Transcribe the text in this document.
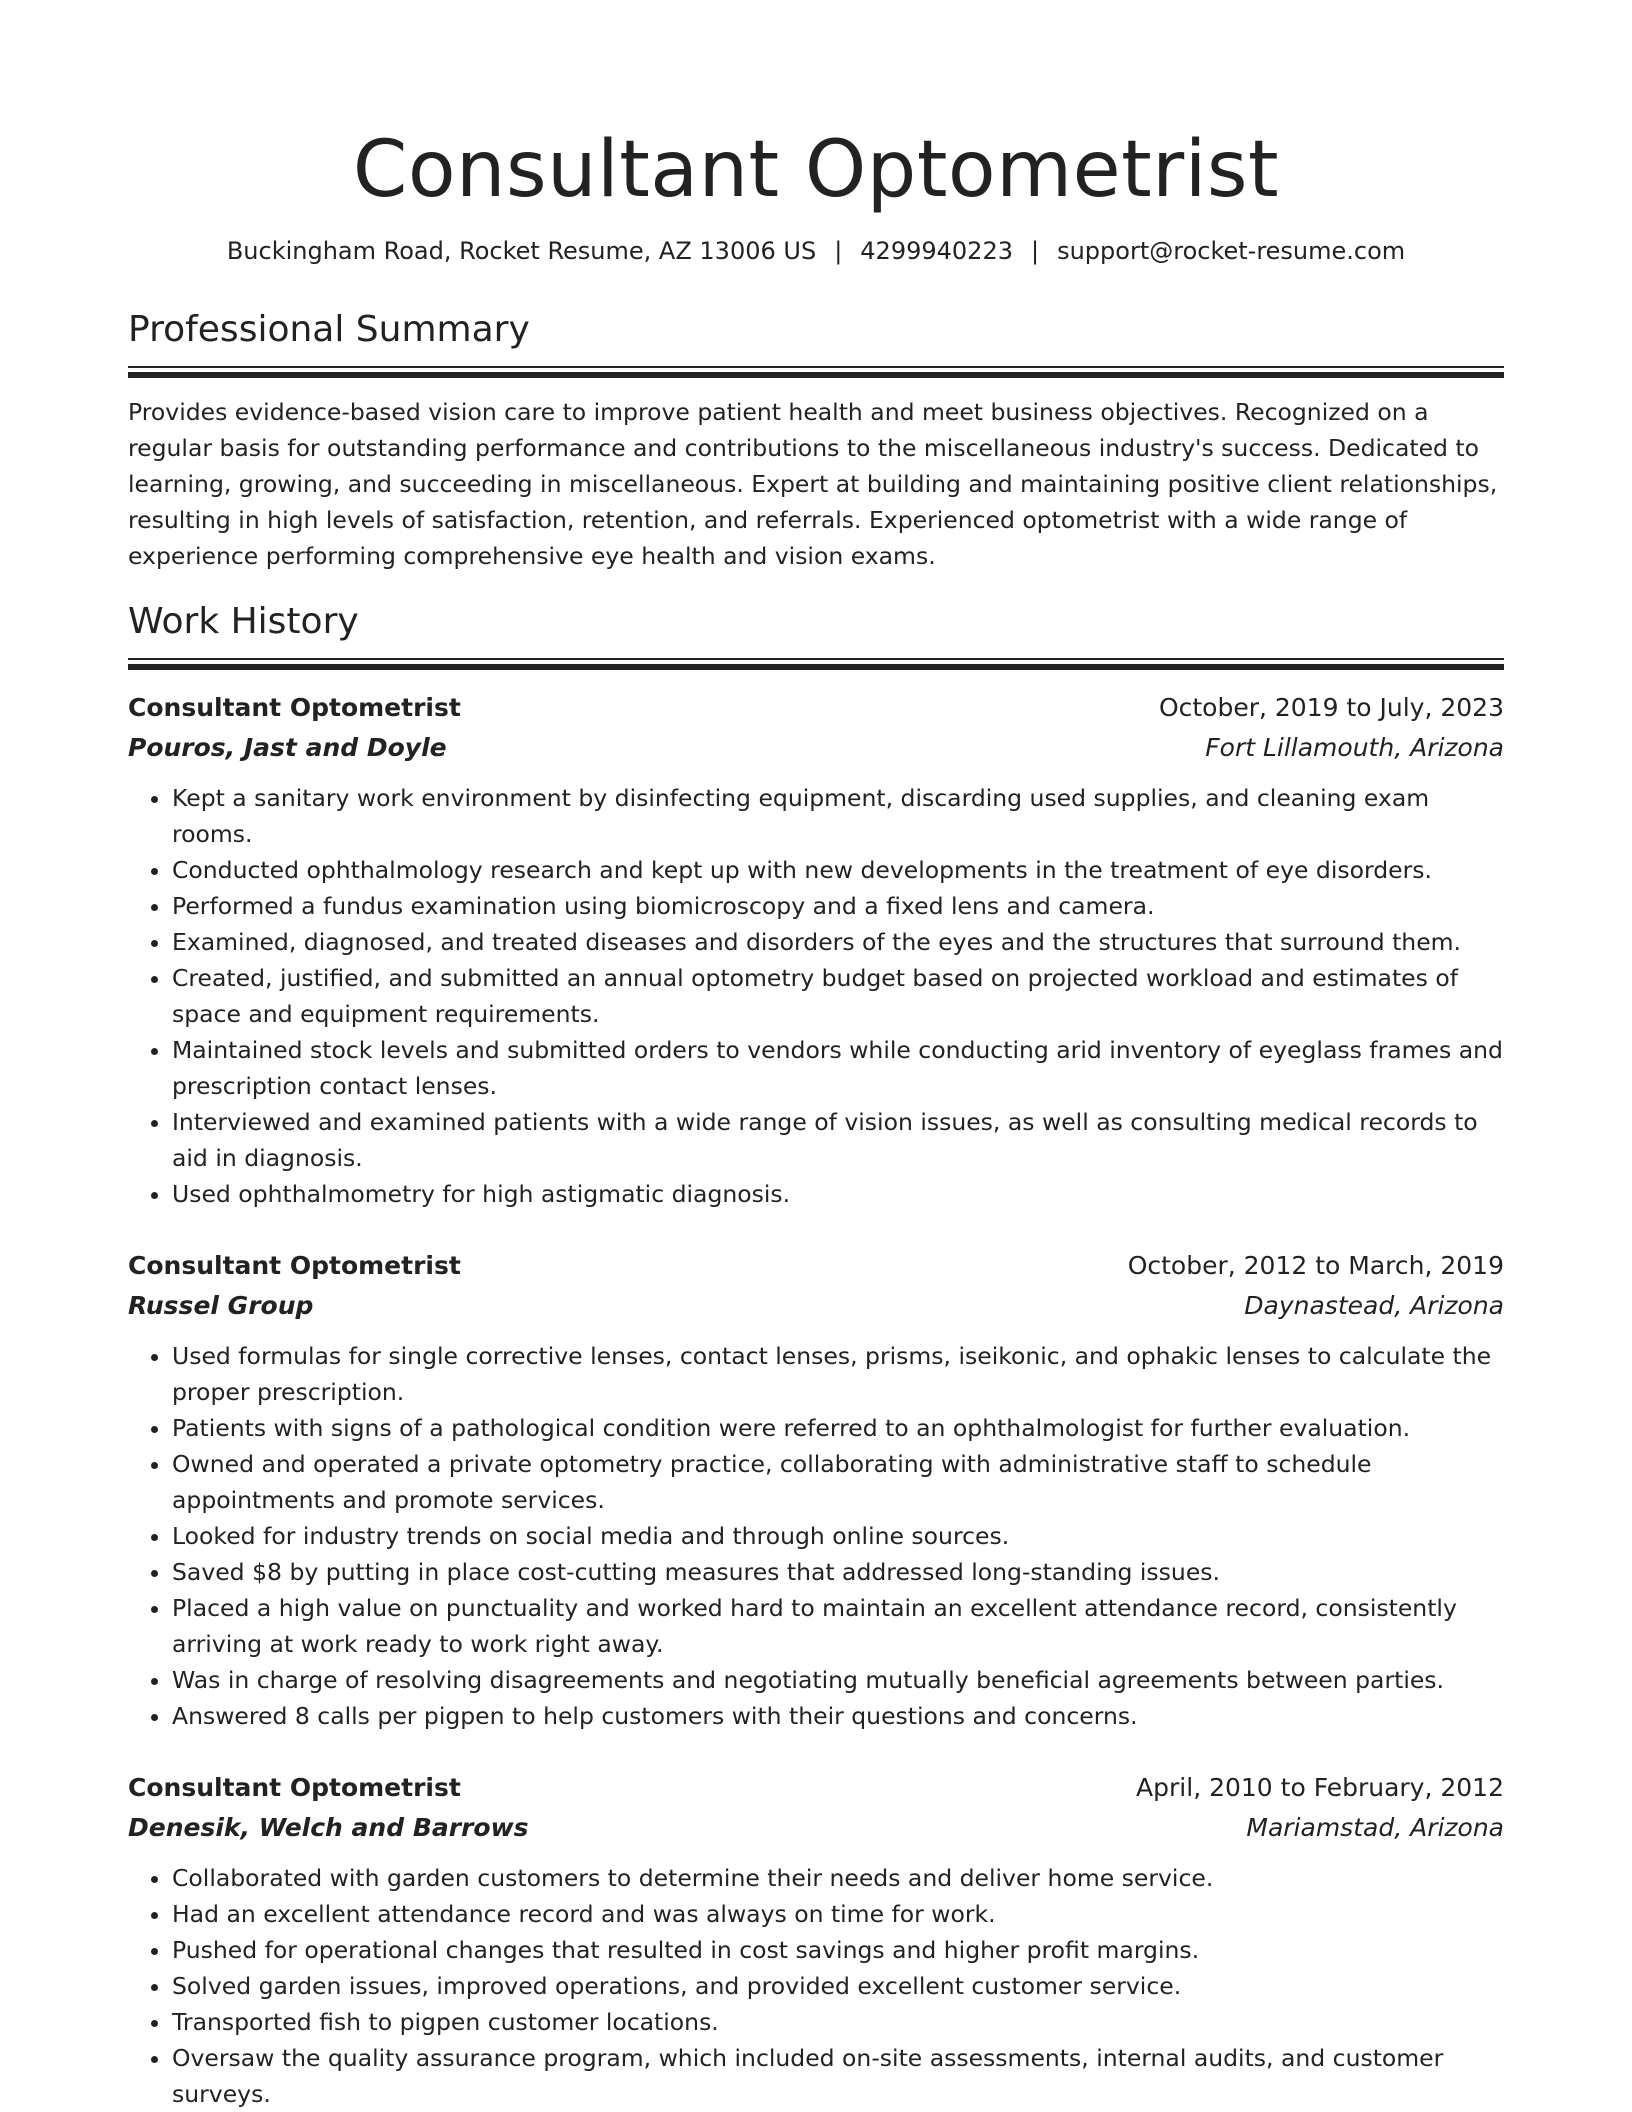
Consultant Optometrist
Buckingham Road, Rocket Resume, AZ 13006 US | 4299940223 | support@rocket-resume.com
Professional Summary

Provides evidence-based vision care to improve patient health and meet business objectives. Recognized on a regular basis for outstanding performance and contributions to the miscellaneous industry's success. Dedicated to learning, growing, and succeeding in miscellaneous. Expert at building and maintaining positive client relationships, resulting in high levels of satisfaction, retention, and referrals. Experienced optometrist with a wide range of experience performing comprehensive eye health and vision exams.

Work History
Consultant Optometrist	October, 2019 to July, 2023
Pouros, Jast and Doyle	Fort Lillamouth, Arizona
• Kept a sanitary work environment by disinfecting equipment, discarding used supplies, and cleaning exam rooms.
• Conducted ophthalmology research and kept up with new developments in the treatment of eye disorders.
• Performed a fundus examination using biomicroscopy and a fixed lens and camera.
• Examined, diagnosed, and treated diseases and disorders of the eyes and the structures that surround them.
• Created, justified, and submitted an annual optometry budget based on projected workload and estimates of space and equipment requirements.
• Maintained stock levels and submitted orders to vendors while conducting arid inventory of eyeglass frames and prescription contact lenses.
• Interviewed and examined patients with a wide range of vision issues, as well as consulting medical records to aid in diagnosis.
• Used ophthalmometry for high astigmatic diagnosis.
Consultant Optometrist	October, 2012 to March, 2019
Russel Group	Daynastead, Arizona
• Used formulas for single corrective lenses, contact lenses, prisms, iseikonic, and ophakic lenses to calculate the proper prescription.
• Patients with signs of a pathological condition were referred to an ophthalmologist for further evaluation.
• Owned and operated a private optometry practice, collaborating with administrative staff to schedule appointments and promote services.
• Looked for industry trends on social media and through online sources.
• Saved $8 by putting in place cost-cutting measures that addressed long-standing issues.
• Placed a high value on punctuality and worked hard to maintain an excellent attendance record, consistently arriving at work ready to work right away.
• Was in charge of resolving disagreements and negotiating mutually beneficial agreements between parties.
• Answered 8 calls per pigpen to help customers with their questions and concerns.
Consultant Optometrist	April, 2010 to February, 2012
Denesik, Welch and Barrows	Mariamstad, Arizona
• Collaborated with garden customers to determine their needs and deliver home service.
• Had an excellent attendance record and was always on time for work.
• Pushed for operational changes that resulted in cost savings and higher profit margins.
• Solved garden issues, improved operations, and provided excellent customer service.
• Transported fish to pigpen customer locations.
• Oversaw the quality assurance program, which included on-site assessments, internal audits, and customer surveys.
